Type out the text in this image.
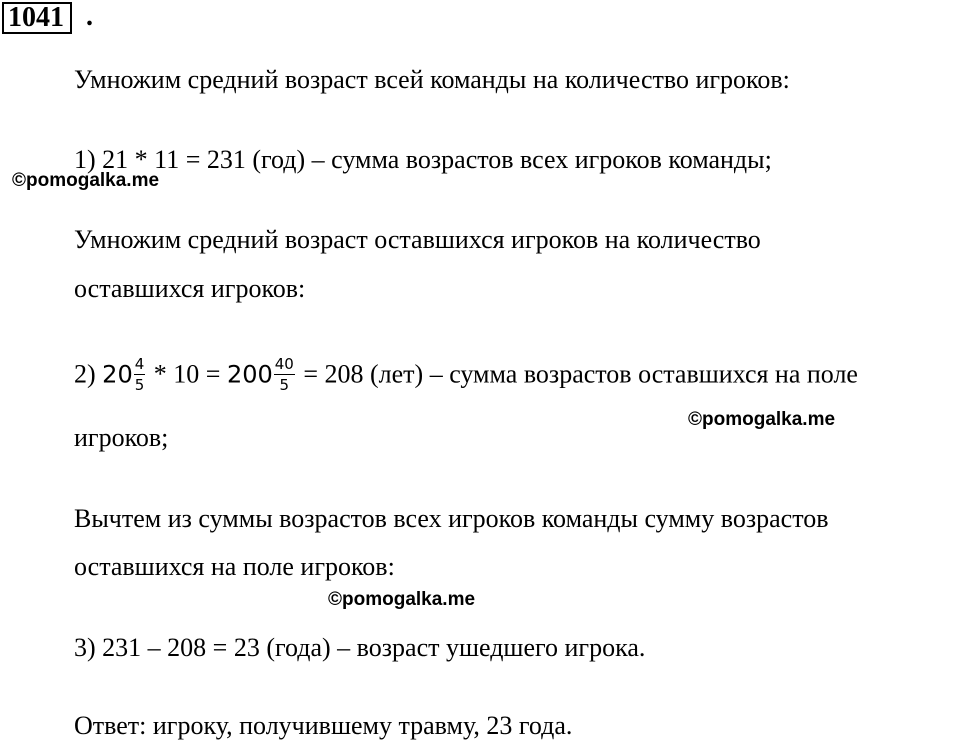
1041 .
Умножим средний возраст всей команды на количество игроков:
1) 21 * 11 = 231 (год) – сумма возрастов всех игроков команды;
©pomogalka.me
Умножим средний возраст оставшихся игроков на количество
оставшихся игроков:
2) $20 \frac{4}{5} * 10 = 200 \frac{40}{5} = 208$ (лет) – сумма возрастов оставшихся на поле
©pomogalka.me
игроков;
Вычтем из суммы возрастов всех игроков команды сумму возрастов
оставшихся на поле игроков:
©pomogalka.me
3) 231 – 208 = 23 (года) – возраст ушедшего игрока.
Ответ: игроку, получившему травму, 23 года.
